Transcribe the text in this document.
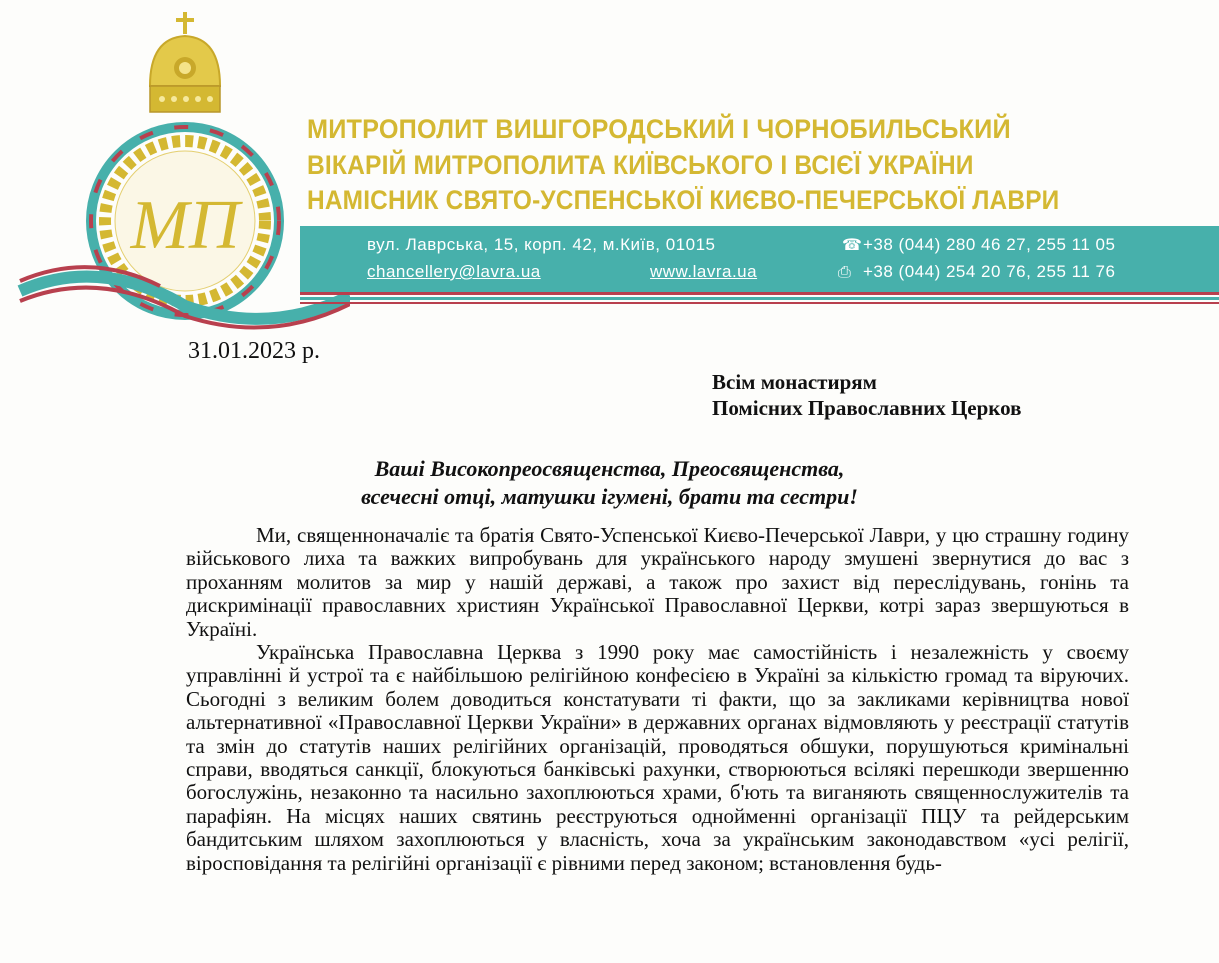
МП
МИТРОПОЛИТ ВИШГОРОДСЬКИЙ І ЧОРНОБИЛЬСЬКИЙ
ВІКАРІЙ МИТРОПОЛИТА КИЇВСЬКОГО І ВСІЄЇ УКРАЇНИ
НАМІСНИК СВЯТО-УСПЕНСЬКОЇ КИЄВО-ПЕЧЕРСЬКОЇ ЛАВРИ
вул. Лаврська, 15, корп. 42, м.Київ, 01015
chancellery@lavra.ua	www.lavra.ua
☎ +38 (044) 280 46 27, 255 11 05
⎙ +38 (044) 254 20 76, 255 11 76
31.01.2023 р.
Всім монастирям
Помісних Православних Церков
Ваші Високопреосвященства, Преосвященства,
всечесні отці, матушки ігумені, брати та сестри!

Ми, священноначаліє та братія Свято-Успенської Києво-Печерської Лаври, у цю страшну годину військового лиха та важких випробувань для українського народу змушені звернутися до вас з проханням молитов за мир у нашій державі, а також про захист від переслідувань, гонінь та дискримінації православних християн Української Православної Церкви, котрі зараз звершуються в Україні.

Українська Православна Церква з 1990 року має самостійність і незалежність у своєму управлінні й устрої та є найбільшою релігійною конфесією в Україні за кількістю громад та віруючих. Сьогодні з великим болем доводиться констатувати ті факти, що за закликами керівництва нової альтернативної «Православної Церкви України» в державних органах відмовляють у реєстрації статутів та змін до статутів наших релігійних організацій, проводяться обшуки, порушуються кримінальні справи, вводяться санкції, блокуються банківські рахунки, створюються всілякі перешкоди звершенню богослужінь, незаконно та насильно захоплюються храми, б'ють та виганяють священнослужителів та парафіян. На місцях наших святинь реєструються однойменні організації ПЦУ та рейдерським бандитським шляхом захоплюються у власність, хоча за українським законодавством «усі релігії, віросповідання та релігійні організації є рівними перед законом; встановлення будь-
